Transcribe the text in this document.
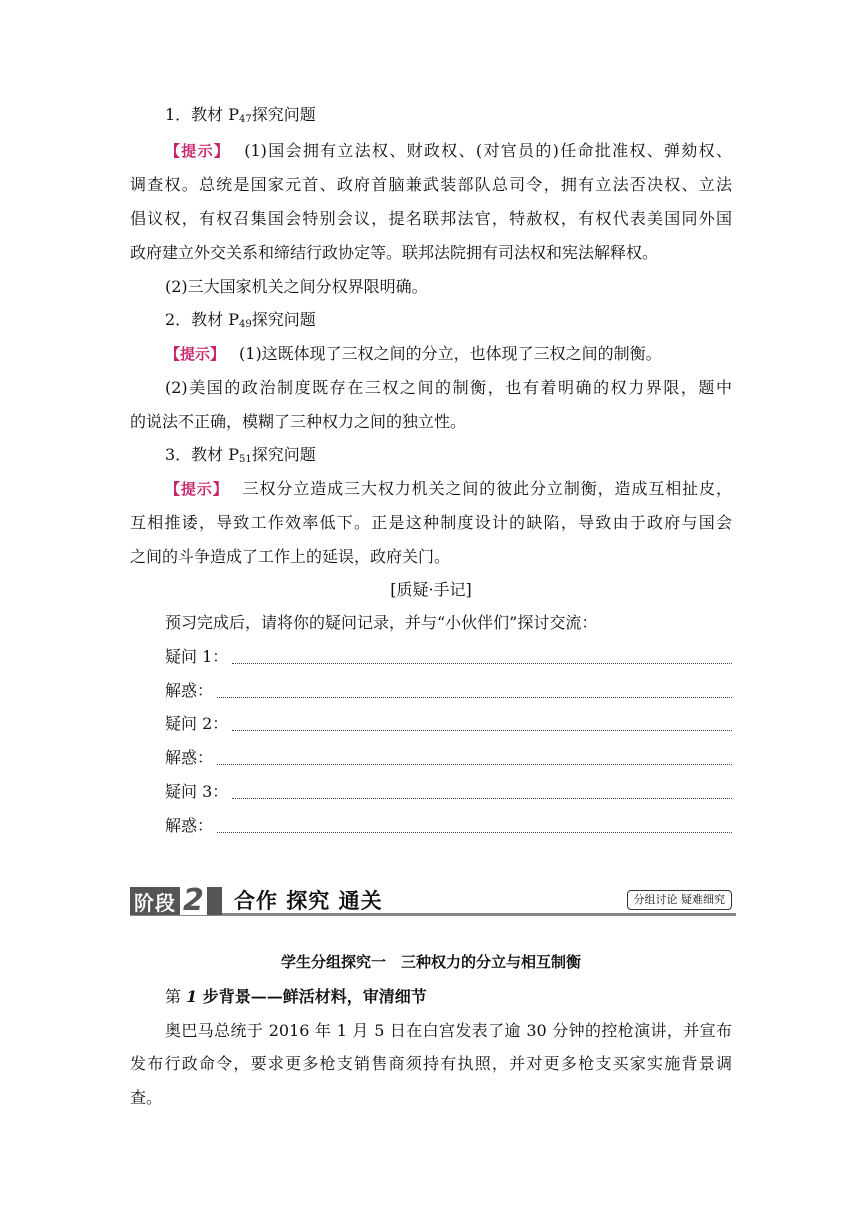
1．教材 $P_{47}$探究问题
【提示】 (1)国会拥有立法权、财政权、(对官员的)任命批准权、弹劾权、
调查权。总统是国家元首、政府首脑兼武装部队总司令，拥有立法否决权、立法
倡议权，有权召集国会特别会议，提名联邦法官，特赦权，有权代表美国同外国
政府建立外交关系和缔结行政协定等。联邦法院拥有司法权和宪法解释权。
(2)三大国家机关之间分权界限明确。
2．教材 $P_{49}$探究问题
【提示】 (1)这既体现了三权之间的分立，也体现了三权之间的制衡。
(2)美国的政治制度既存在三权之间的制衡，也有着明确的权力界限，题中
的说法不正确，模糊了三种权力之间的独立性。
3．教材 $P_{51}$探究问题
【提示】 三权分立造成三大权力机关之间的彼此分立制衡，造成互相扯皮，
互相推诿，导致工作效率低下。正是这种制度设计的缺陷，导致由于政府与国会
之间的斗争造成了工作上的延误，政府关门。
[质疑·手记]
预习完成后，请将你的疑问记录，并与“小伙伴们”探讨交流：
疑问 1：
解惑：
疑问 2：
解惑：
疑问 3：
解惑：
阶段 2 合作 探究 通关	分组讨论 疑难细究
学生分组探究一　三种权力的分立与相互制衡
第 1 步背景——鲜活材料，审清细节
奥巴马总统于 2016 年 1 月 5 日在白宫发表了逾 30 分钟的控枪演讲，并宣布
发布行政命令，要求更多枪支销售商须持有执照，并对更多枪支买家实施背景调
查。
